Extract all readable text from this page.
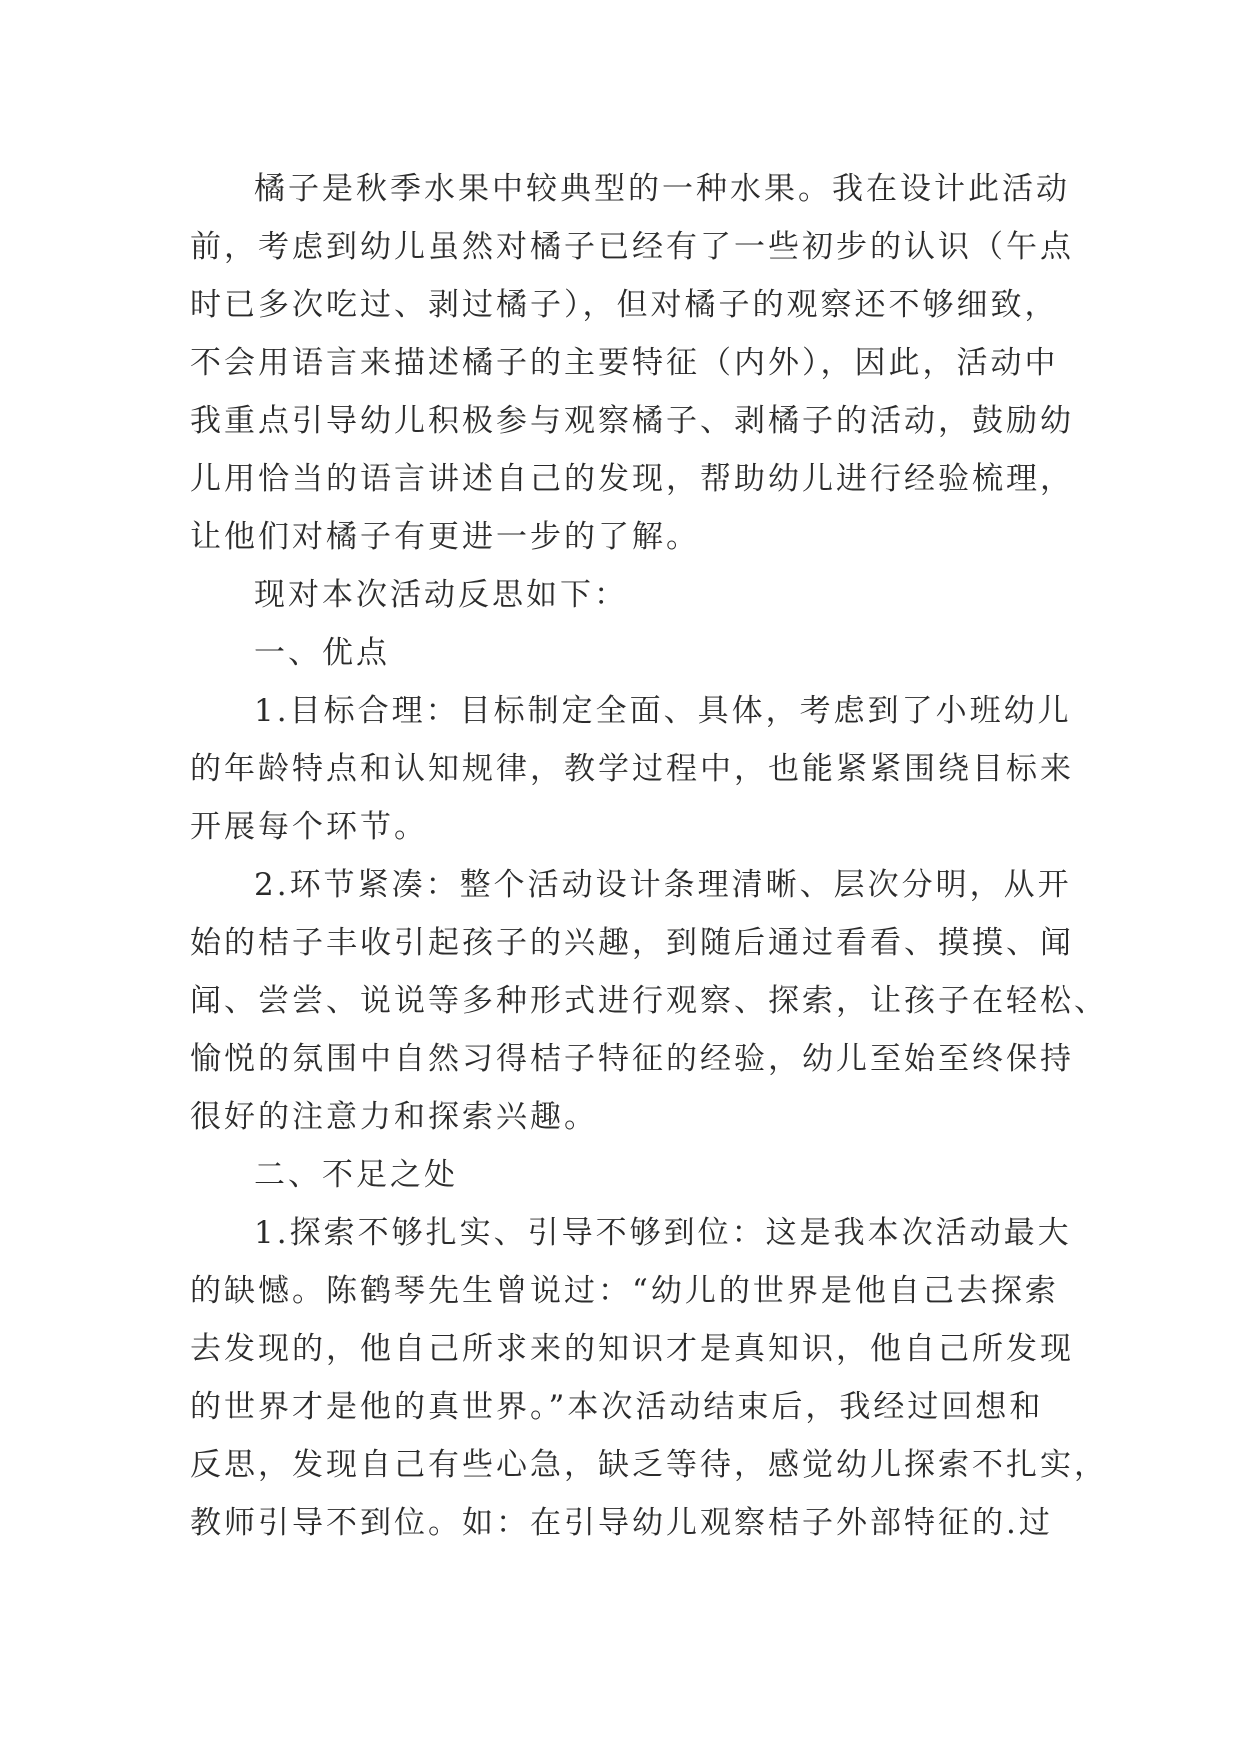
橘子是秋季水果中较典型的一种水果。我在设计此活动
前，考虑到幼儿虽然对橘子已经有了一些初步的认识（午点
时已多次吃过、剥过橘子），但对橘子的观察还不够细致，
不会用语言来描述橘子的主要特征（内外），因此，活动中
我重点引导幼儿积极参与观察橘子、剥橘子的活动，鼓励幼
儿用恰当的语言讲述自己的发现，帮助幼儿进行经验梳理，
让他们对橘子有更进一步的了解。
现对本次活动反思如下：
一、优点
1.目标合理：目标制定全面、具体，考虑到了小班幼儿
的年龄特点和认知规律，教学过程中，也能紧紧围绕目标来
开展每个环节。
2.环节紧凑：整个活动设计条理清晰、层次分明，从开
始的桔子丰收引起孩子的兴趣，到随后通过看看、摸摸、闻
闻、尝尝、说说等多种形式进行观察、探索，让孩子在轻松、
愉悦的氛围中自然习得桔子特征的经验，幼儿至始至终保持
很好的注意力和探索兴趣。
二、不足之处
1.探索不够扎实、引导不够到位：这是我本次活动最大
的缺憾。陈鹤琴先生曾说过：“幼儿的世界是他自己去探索
去发现的，他自己所求来的知识才是真知识，他自己所发现
的世界才是他的真世界。”本次活动结束后，我经过回想和
反思，发现自己有些心急，缺乏等待，感觉幼儿探索不扎实，
教师引导不到位。如：在引导幼儿观察桔子外部特征的.过
